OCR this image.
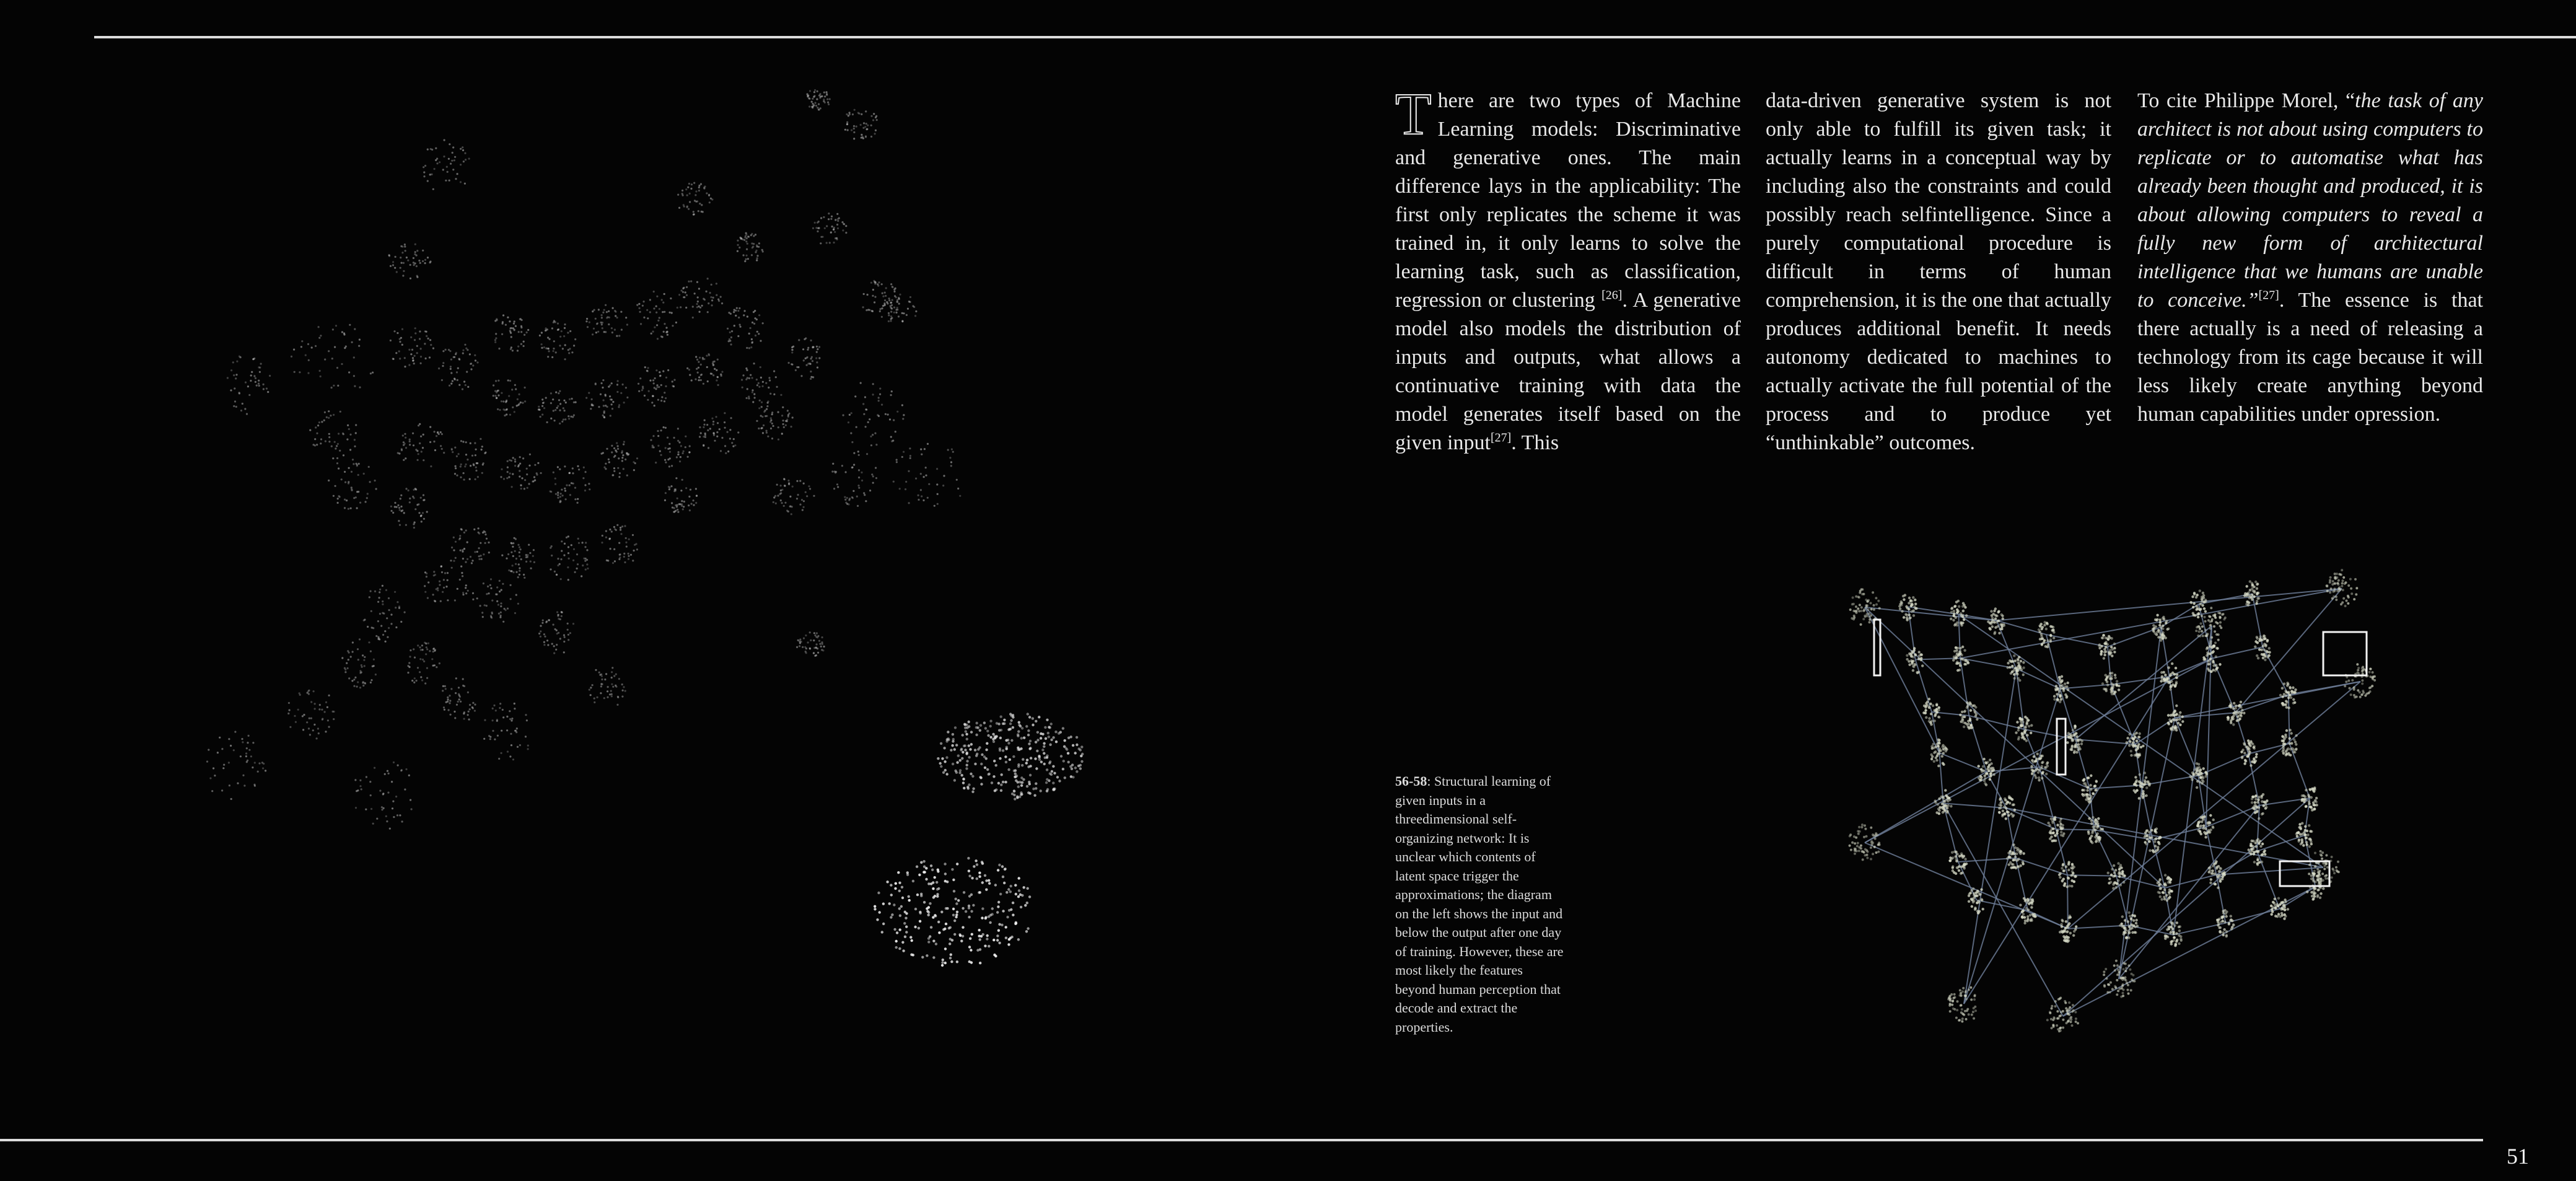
51

There are two types of Machine Learning models: Discriminative and generative ones. The main difference lays in the applicability: The first only replicates the scheme it was trained in, it only learns to solve the learning task, such as classification, regression or clustering [26]. A generative model also models the distribution of inputs and outputs, what allows a continuative training with data the model generates itself based on the given input[27]. This

data-driven generative system is not only able to fulfill its given task; it actually learns in a conceptual way by including also the constraints and could possibly reach selfintelligence. Since a purely computational procedure is difficult in terms of human comprehension, it is the one that actually produces additional benefit. It needs autonomy dedicated to machines to actually activate the full potential of the process and to produce yet “unthinkable” outcomes.

To cite Philippe Morel, “the task of any architect is not about using computers to replicate or to automatise what has already been thought and produced, it is about allowing computers to reveal a fully new form of architectural intelligence that we humans are unable to conceive.”[27]. The essence is that there actually is a need of releasing a technology from its cage because it will less likely create anything beyond human capabilities under opression.

56-58: Structural learning of given inputs in a threedimensional self-organizing network: It is unclear which contents of latent space trigger the approximations; the diagram on the left shows the input and below the output after one day of training. However, these are most likely the features beyond human perception that decode and extract the properties.
